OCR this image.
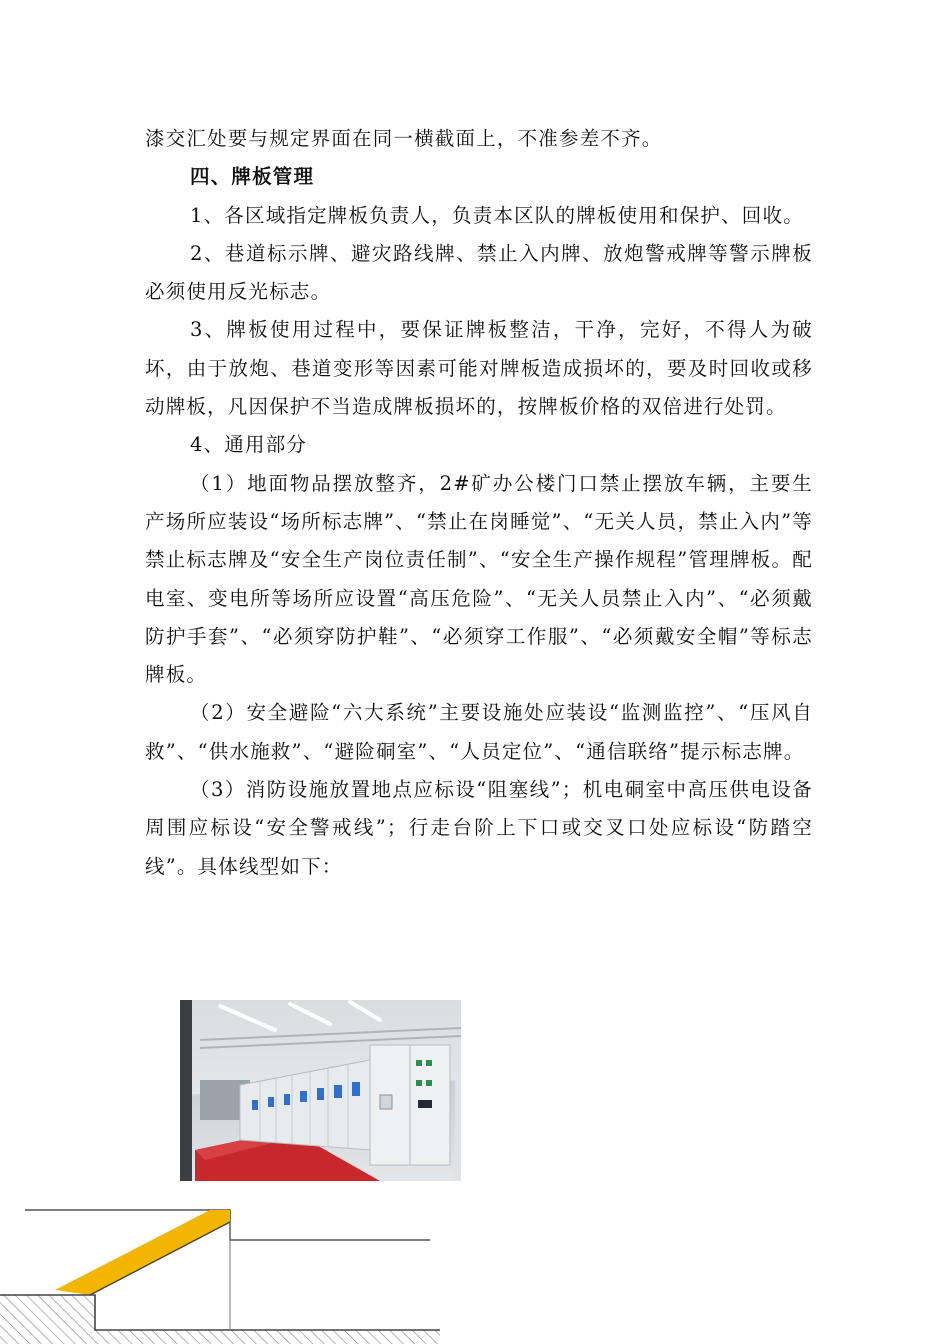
漆交汇处要与规定界面在同一横截面上，不准参差不齐。

四、牌板管理

1、各区域指定牌板负责人，负责本区队的牌板使用和保护、回收。

2、巷道标示牌、避灾路线牌、禁止入内牌、放炮警戒牌等警示牌板必须使用反光标志。

3、牌板使用过程中，要保证牌板整洁，干净，完好，不得人为破坏，由于放炮、巷道变形等因素可能对牌板造成损坏的，要及时回收或移动牌板，凡因保护不当造成牌板损坏的，按牌板价格的双倍进行处罚。

4、通用部分

（1）地面物品摆放整齐，2#矿办公楼门口禁止摆放车辆，主要生产场所应装设“场所标志牌”、“禁止在岗睡觉”、“无关人员，禁止入内”等禁止标志牌及“安全生产岗位责任制”、“安全生产操作规程”管理牌板。配电室、变电所等场所应设置“高压危险”、“无关人员禁止入内”、“必须戴防护手套”、“必须穿防护鞋”、“必须穿工作服”、“必须戴安全帽”等标志牌板。

（2）安全避险“六大系统”主要设施处应装设“监测监控”、“压风自救”、“供水施救”、“避险硐室”、“人员定位”、“通信联络”提示标志牌。

（3）消防设施放置地点应标设“阻塞线”；机电硐室中高压供电设备周围应标设“安全警戒线”；行走台阶上下口或交叉口处应标设“防踏空线”。具体线型如下：
